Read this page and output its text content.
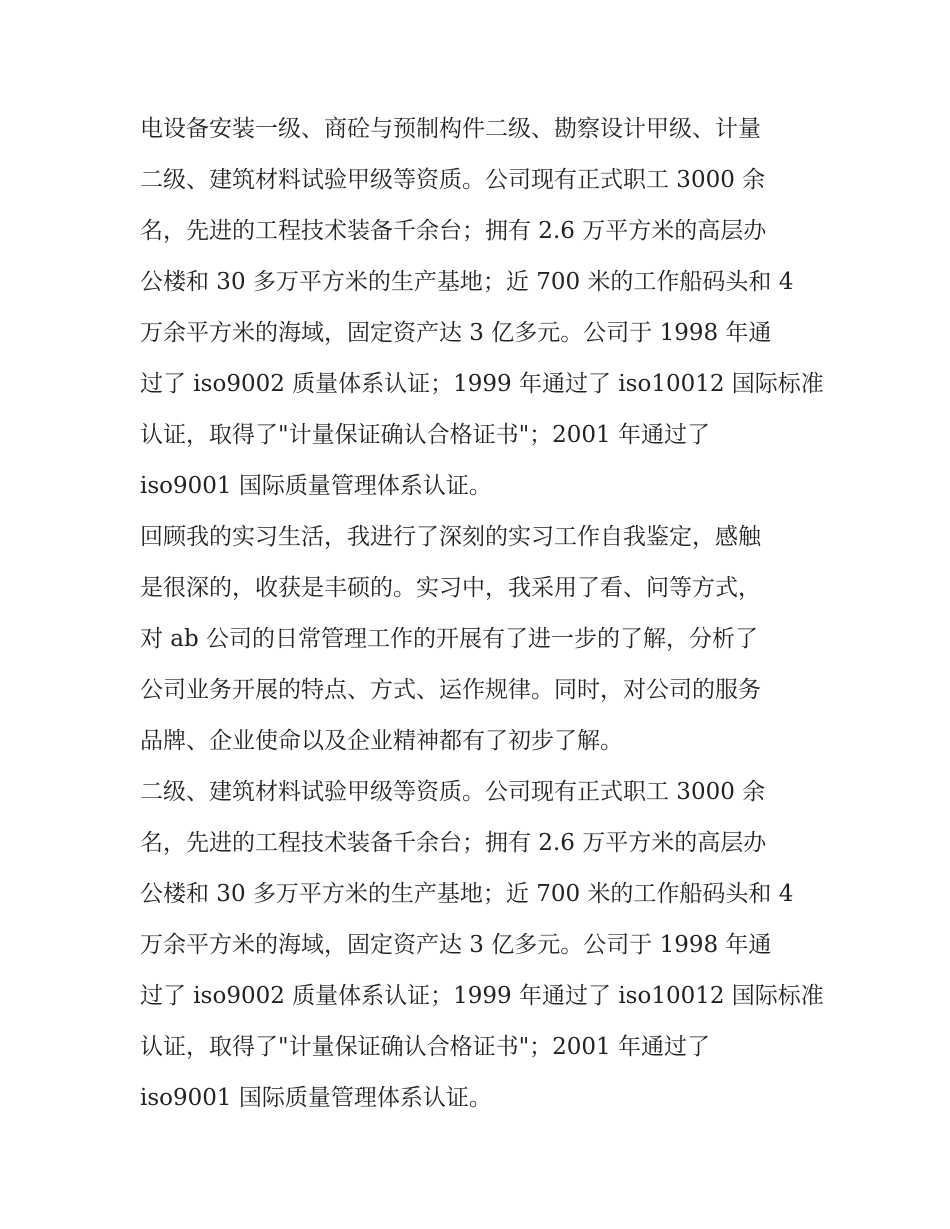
电设备安装一级、商砼与预制构件二级、勘察设计甲级、计量
二级、建筑材料试验甲级等资质。公司现有正式职工 3000 余
名，先进的工程技术装备千余台；拥有 2.6 万平方米的高层办
公楼和 30 多万平方米的生产基地；近 700 米的工作船码头和 4
万余平方米的海域，固定资产达 3 亿多元。公司于 1998 年通
过了 iso9002 质量体系认证；1999 年通过了 iso10012 国际标准
认证，取得了"计量保证确认合格证书"；2001 年通过了
iso9001 国际质量管理体系认证。
回顾我的实习生活，我进行了深刻的实习工作自我鉴定，感触
是很深的，收获是丰硕的。实习中，我采用了看、问等方式，
对 ab 公司的日常管理工作的开展有了进一步的了解，分析了
公司业务开展的特点、方式、运作规律。同时，对公司的服务
品牌、企业使命以及企业精神都有了初步了解。
二级、建筑材料试验甲级等资质。公司现有正式职工 3000 余
名，先进的工程技术装备千余台；拥有 2.6 万平方米的高层办
公楼和 30 多万平方米的生产基地；近 700 米的工作船码头和 4
万余平方米的海域，固定资产达 3 亿多元。公司于 1998 年通
过了 iso9002 质量体系认证；1999 年通过了 iso10012 国际标准
认证，取得了"计量保证确认合格证书"；2001 年通过了
iso9001 国际质量管理体系认证。
